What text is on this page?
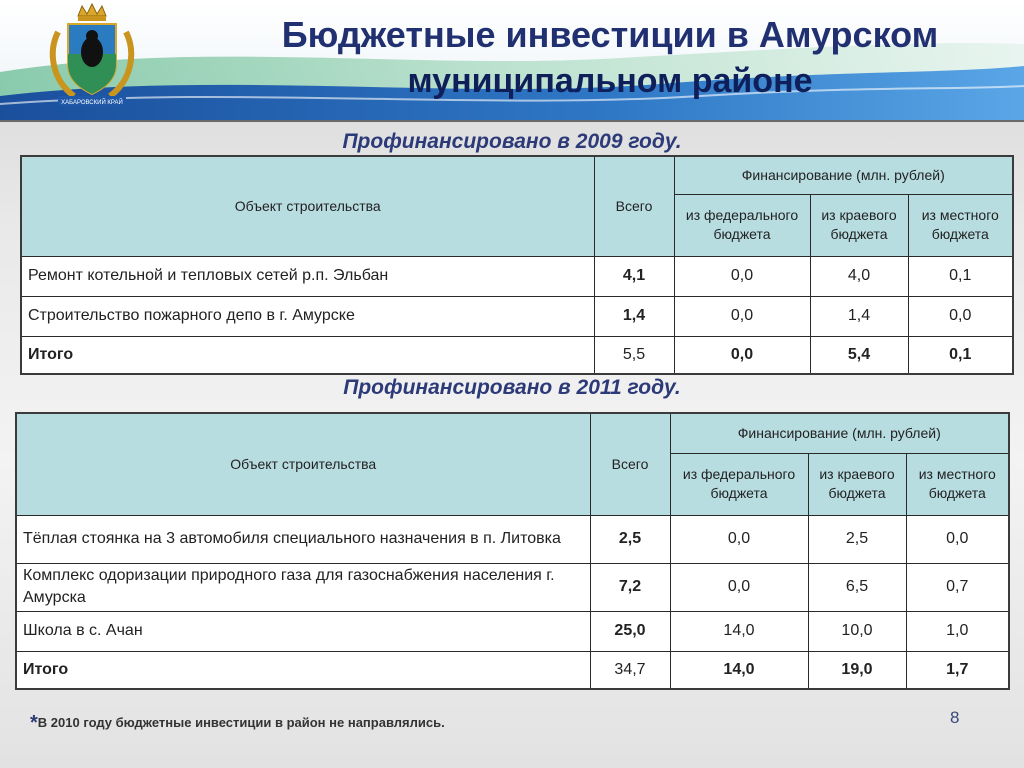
ХАБАРОВСКИЙ КРАЙ
Бюджетные инвестиции в Амурском
муниципальном районе

Профинансировано в 2009 году.

Объект строительства	Всего	Финансирование (млн. рублей)		
		из федерального бюджета	из краевого бюджета	из местного бюджета
Ремонт котельной и тепловых сетей р.п. Эльбан	4,1	0,0	4,0	0,1
Строительство пожарного депо в г. Амурске	1,4	0,0	1,4	0,0
Итого	5,5	0,0	5,4	0,1

Профинансировано в 2011 году.

Объект строительства	Всего	Финансирование (млн. рублей)		
		из федерального бюджета	из краевого бюджета	из местного бюджета
Тёплая стоянка на 3 автомобиля специального назначения в п. Литовка	2,5	0,0	2,5	0,0
Комплекс одоризации природного газа для газоснабжения населения г. Амурска	7,2	0,0	6,5	0,7
Школа в с. Ачан	25,0	14,0	10,0	1,0
Итого	34,7	14,0	19,0	1,7
*В 2010 году бюджетные инвестиции в район не направлялись.	8
